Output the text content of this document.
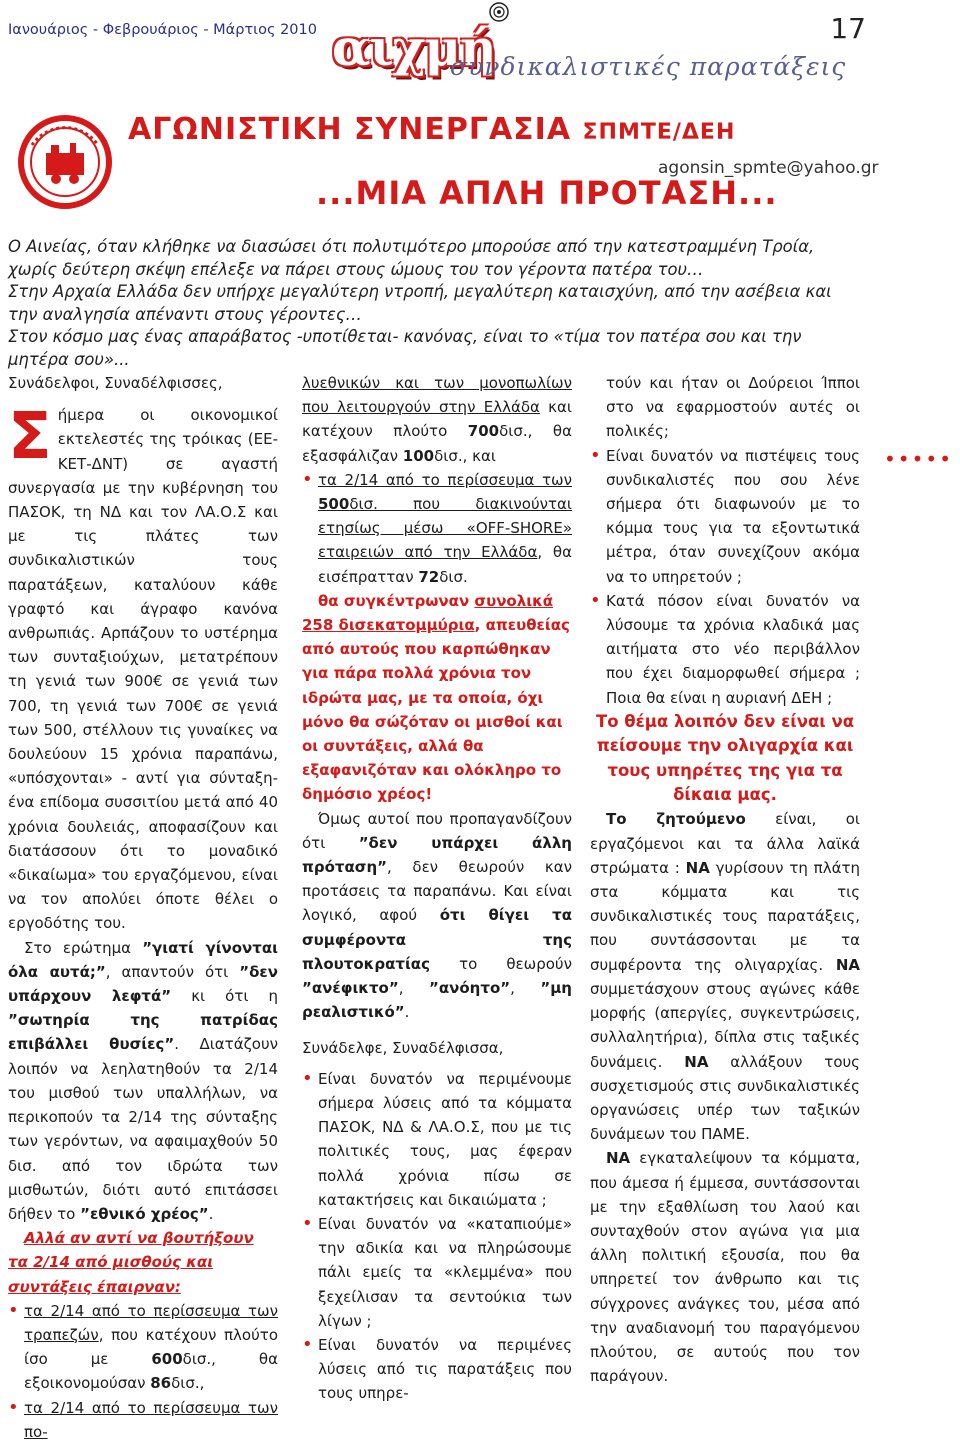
Ιανουάριος - Φεβρουάριος - Μάρτιος 2010 αιχμή
συνδικαλιστικές παρατάξεις
17
ΑΓΩΝΙΣΤΙΚΗ ΣΥΝΕΡΓΑΣΙΑ ΣΠΜΤΕ/ΔΕΗ
agonsin_spmte@yahoo.gr
...ΜΙΑ ΑΠΛΗ ΠΡΟΤΑΣΗ...

Ο Αινείας, όταν κλήθηκε να διασώσει ότι πολυτιμότερο μπορούσε από την κατεστραμμένη Τροία, χωρίς δεύτερη σκέψη επέλεξε να πάρει στους ώμους του τον γέροντα πατέρα του…

Στην Αρχαία Ελλάδα δεν υπήρχε μεγαλύτερη ντροπή, μεγαλύτερη καταισχύνη, από την ασέβεια και την αναλγησία απέναντι στους γέροντες…

Στον κόσμο μας ένας απαράβατος -υποτίθεται- κανόνας, είναι το «τίμα τον πατέρα σου και την μητέρα σου»...

Συνάδελφοι, Συναδέλφισσες,

Σήμερα οι οικονομικοί εκτελεστές της τρόικας (ΕΕ-ΚΕΤ-ΔΝΤ) σε αγαστή συνεργασία με την κυβέρνηση του ΠΑΣΟΚ, τη ΝΔ και τον ΛΑ.Ο.Σ και με τις πλάτες των συνδικαλιστικών τους παρατάξεων, καταλύουν κάθε γραφτό και άγραφο κανόνα ανθρωπιάς. Αρπάζουν το υστέρημα των συνταξιούχων, μετατρέπουν τη γενιά των 900€ σε γενιά των 700, τη γενιά των 700€ σε γενιά των 500, στέλλουν τις γυναίκες να δουλεύουν 15 χρόνια παραπάνω, «υπόσχονται» - αντί για σύνταξη- ένα επίδομα συσσιτίου μετά από 40 χρόνια δουλειάς, αποφασίζουν και διατάσσουν ότι το μοναδικό «δικαίωμα» του εργαζόμενου, είναι να τον απολύει όποτε θέλει ο εργοδότης του.

Στο ερώτημα ”γιατί γίνονται όλα αυτά;”, απαντούν ότι ”δεν υπάρχουν λεφτά” κι ότι η ”σωτηρία της πατρίδας επιβάλλει θυσίες”. Διατάζουν λοιπόν να λεηλατηθούν τα 2/14 του μισθού των υπαλλήλων, να περικοπούν τα 2/14 της σύνταξης των γερόντων, να αφαιμαχθούν 50 δισ. από τον ιδρώτα των μισθωτών, διότι αυτό επιτάσσει δήθεν το ”εθνικό χρέος”.

Αλλά αν αντί να βουτήξουν τα 2/14 από μισθούς και συντάξεις έπαιρναν:

• τα 2/14 από το περίσσευμα των τραπεζών, που κατέχουν πλούτο ίσο με 600δισ., θα εξοικονομούσαν 86δισ.,
• τα 2/14 από το περίσσευμα των πο-

λυεθνικών και των μονοπωλίων που λειτουργούν στην Ελλάδα και κατέχουν πλούτο 700δισ., θα εξασφάλιζαν 100δισ., και

• τα 2/14 από το περίσσευμα των 500δισ. που διακινούνται ετησίως μέσω «OFF-SHORE» εταιρειών από την Ελλάδα, θα εισέπρατταν 72δισ.

θα συγκέντρωναν συνολικά 258 δισεκατομμύρια, απευθείας από αυτούς που καρπώθηκαν για πάρα πολλά χρόνια τον ιδρώτα μας, με τα οποία, όχι μόνο θα σώζόταν οι μισθοί και οι συντάξεις, αλλά θα εξαφανιζόταν και ολόκληρο το δημόσιο χρέος!

Όμως αυτοί που προπαγανδίζουν ότι ”δεν υπάρχει άλλη πρόταση”, δεν θεωρούν καν προτάσεις τα παραπάνω. Και είναι λογικό, αφού ότι θίγει τα συμφέροντα της πλουτοκρατίας το θεωρούν ”ανέφικτο”, ”ανόητο”, ”μη ρεαλιστικό”.

Συνάδελφε, Συναδέλφισσα,

• Είναι δυνατόν να περιμένουμε σήμερα λύσεις από τα κόμματα ΠΑΣΟΚ, ΝΔ & ΛΑ.Ο.Σ, που με τις πολιτικές τους, μας έφεραν πολλά χρόνια πίσω σε κατακτήσεις και δικαιώματα ;
• Είναι δυνατόν να «καταπιούμε» την αδικία και να πληρώσουμε πάλι εμείς τα «κλεμμένα» που ξεχείλισαν τα σεντούκια των λίγων ;
• Είναι δυνατόν να περιμένες λύσεις από τις παρατάξεις που τους υπηρε-

τούν και ήταν οι Δούρειοι Ίπποι στο να εφαρμοστούν αυτές οι πολικές;

• Είναι δυνατόν να πιστέψεις τους συνδικαλιστές που σου λένε σήμερα ότι διαφωνούν με το κόμμα τους για τα εξοντωτικά μέτρα, όταν συνεχίζουν ακόμα να το υπηρετούν ;
• Κατά πόσον είναι δυνατόν να λύσουμε τα χρόνια κλαδικά μας αιτήματα στο νέο περιβάλλον που έχει διαμορφωθεί σήμερα ; Ποια θα είναι η αυριανή ΔΕΗ ;

Το θέμα λοιπόν δεν είναι να πείσουμε την ολιγαρχία και τους υπηρέτες της για τα δίκαια μας.

Το ζητούμενο είναι, οι εργαζόμενοι και τα άλλα λαϊκά στρώματα : ΝΑ γυρίσουν τη πλάτη στα κόμματα και τις συνδικαλιστικές τους παρατάξεις, που συντάσσονται με τα συμφέροντα της ολιγαρχίας. ΝΑ συμμετάσχουν στους αγώνες κάθε μορφής (απεργίες, συγκεντρώσεις, συλλαλητήρια), δίπλα στις ταξικές δυνάμεις. ΝΑ αλλάξουν τους συσχετισμούς στις συνδικαλιστικές οργανώσεις υπέρ των ταξικών δυνάμεων του ΠΑΜΕ.

ΝΑ εγκαταλείψουν τα κόμματα, που άμεσα ή έμμεσα, συντάσσονται με την εξαθλίωση του λαού και συνταχθούν στον αγώνα για μια άλλη πολιτική εξουσία, που θα υπηρετεί τον άνθρωπο και τις σύγχρονες ανάγκες του, μέσα από την αναδιανομή του παραγόμενου πλούτου, σε αυτούς που τον παράγουν.

•••••
